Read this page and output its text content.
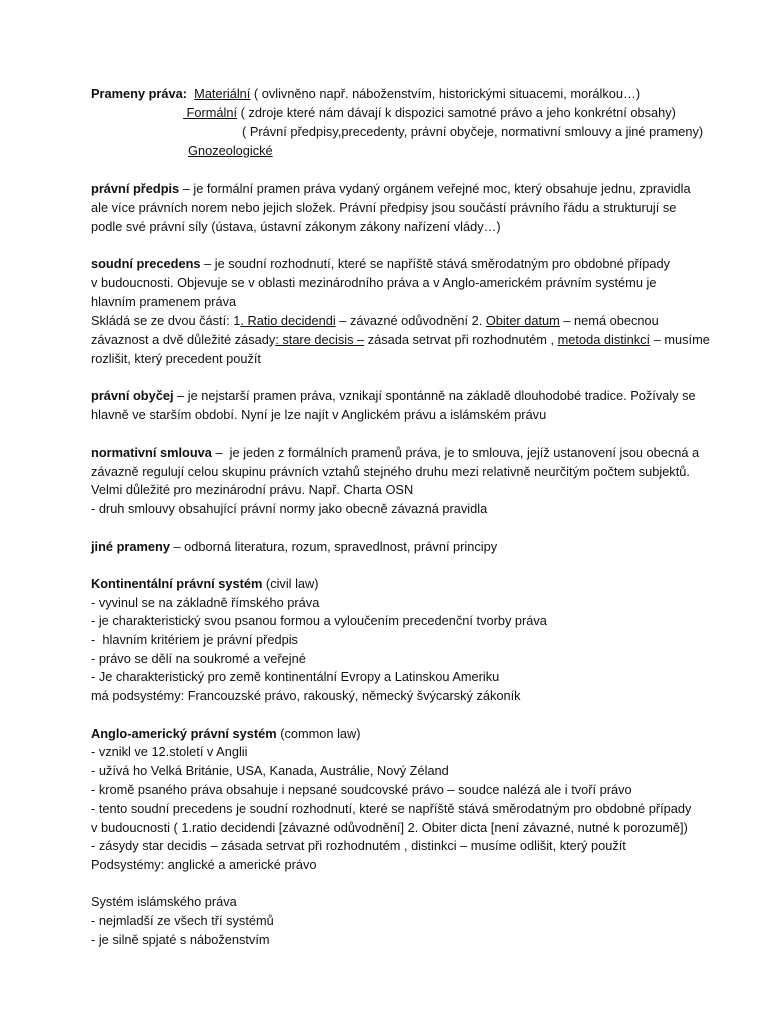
Prameny práva: Materiální ( ovlivněno např. náboženstvím, historickými situacemi, morálkou…)
Formální ( zdroje které nám dávají k dispozici samotné právo a jeho konkrétní obsahy)
( Právní předpisy,precedenty, právní obyčeje, normativní smlouvy a jiné prameny)
Gnozeologické
právní předpis – je formální pramen práva vydaný orgánem veřejné moc, který obsahuje jednu, zpravidla
ale více právních norem nebo jejich složek. Právní předpisy jsou součástí právního řádu a strukturují se
podle své právní síly (ústava, ústavní zákonym zákony nařízení vlády…)
soudní precedens – je soudní rozhodnutí, které se napříště stává směrodatným pro obdobné případy
v budoucnosti. Objevuje se v oblasti mezinárodního práva a v Anglo-americkém právním systému je
hlavním pramenem práva
Skládá se ze dvou částí: 1. Ratio decidendi – závazné odůvodnění 2. Obiter datum – nemá obecnou
závaznost a dvě důležité zásady: stare decisis – zásada setrvat při rozhodnutém , metoda distinkcí – musíme
rozlišit, který precedent použít
právní obyčej – je nejstarší pramen práva, vznikají spontánně na základě dlouhodobé tradice. Požívaly se
hlavně ve starším období. Nyní je lze najít v Anglickém právu a islámském právu
normativní smlouva –  je jeden z formálních pramenů práva, je to smlouva, jejíž ustanovení jsou obecná a
závazně regulují celou skupinu právních vztahů stejného druhu mezi relativně neurčitým počtem subjektů.
Velmi důležité pro mezinárodní právu. Např. Charta OSN
- druh smlouvy obsahující právní normy jako obecně závazná pravidla
jiné prameny – odborná literatura, rozum, spravedlnost, právní principy
Kontinentální právní systém (civil law)
- vyvinul se na základně římského práva
- je charakteristický svou psanou formou a vyloučením precedenční tvorby práva
-  hlavním kritériem je právní předpis
- právo se dělí na soukromé a veřejné
- Je charakteristický pro země kontinentální Evropy a Latinskou Ameriku
má podsystémy: Francouzské právo, rakouský, německý švýcarský zákoník
Anglo-americký právní systém (common law)
- vznikl ve 12.století v Anglii
- užívá ho Velká Británie, USA, Kanada, Austrálie, Nový Zéland
- kromě psaného práva obsahuje i nepsané soudcovské právo – soudce nalézá ale i tvoří právo
- tento soudní precedens je soudní rozhodnutí, které se napříště stává směrodatným pro obdobné případy
v budoucnosti ( 1.ratio decidendi [závazné odůvodnění] 2. Obiter dicta [není závazné, nutné k porozumě])
- zásydy star decidis – zásada setrvat při rozhodnutém , distinkci – musíme odlišit, který použít
Podsystémy: anglické a americké právo
Systém islámského práva
- nejmladší ze všech tří systémů
- je silně spjaté s náboženstvím
